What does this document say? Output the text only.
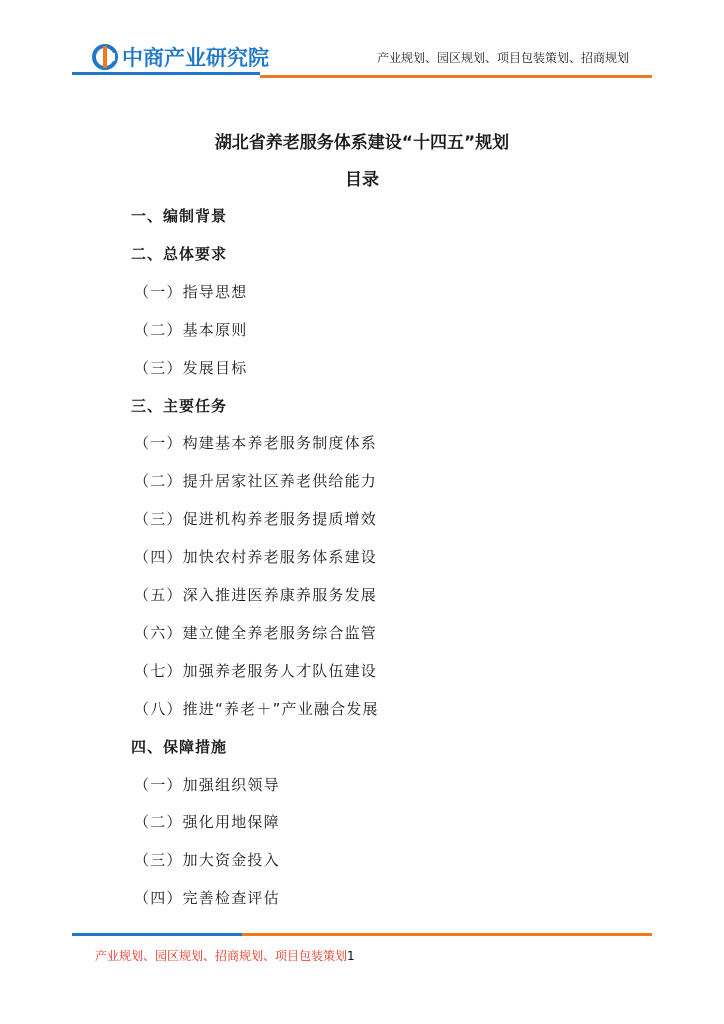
中商产业研究院	产业规划、园区规划、项目包装策划、招商规划
湖北省养老服务体系建设“十四五”规划
目录
一、编制背景
二、总体要求
（一）指导思想
（二）基本原则
（三）发展目标
三、主要任务
（一）构建基本养老服务制度体系
（二）提升居家社区养老供给能力
（三）促进机构养老服务提质增效
（四）加快农村养老服务体系建设
（五）深入推进医养康养服务发展
（六）建立健全养老服务综合监管
（七）加强养老服务人才队伍建设
（八）推进“养老＋”产业融合发展
四、保障措施
（一）加强组织领导
（二）强化用地保障
（三）加大资金投入
（四）完善检查评估
产业规划、园区规划、招商规划、项目包装策划1
